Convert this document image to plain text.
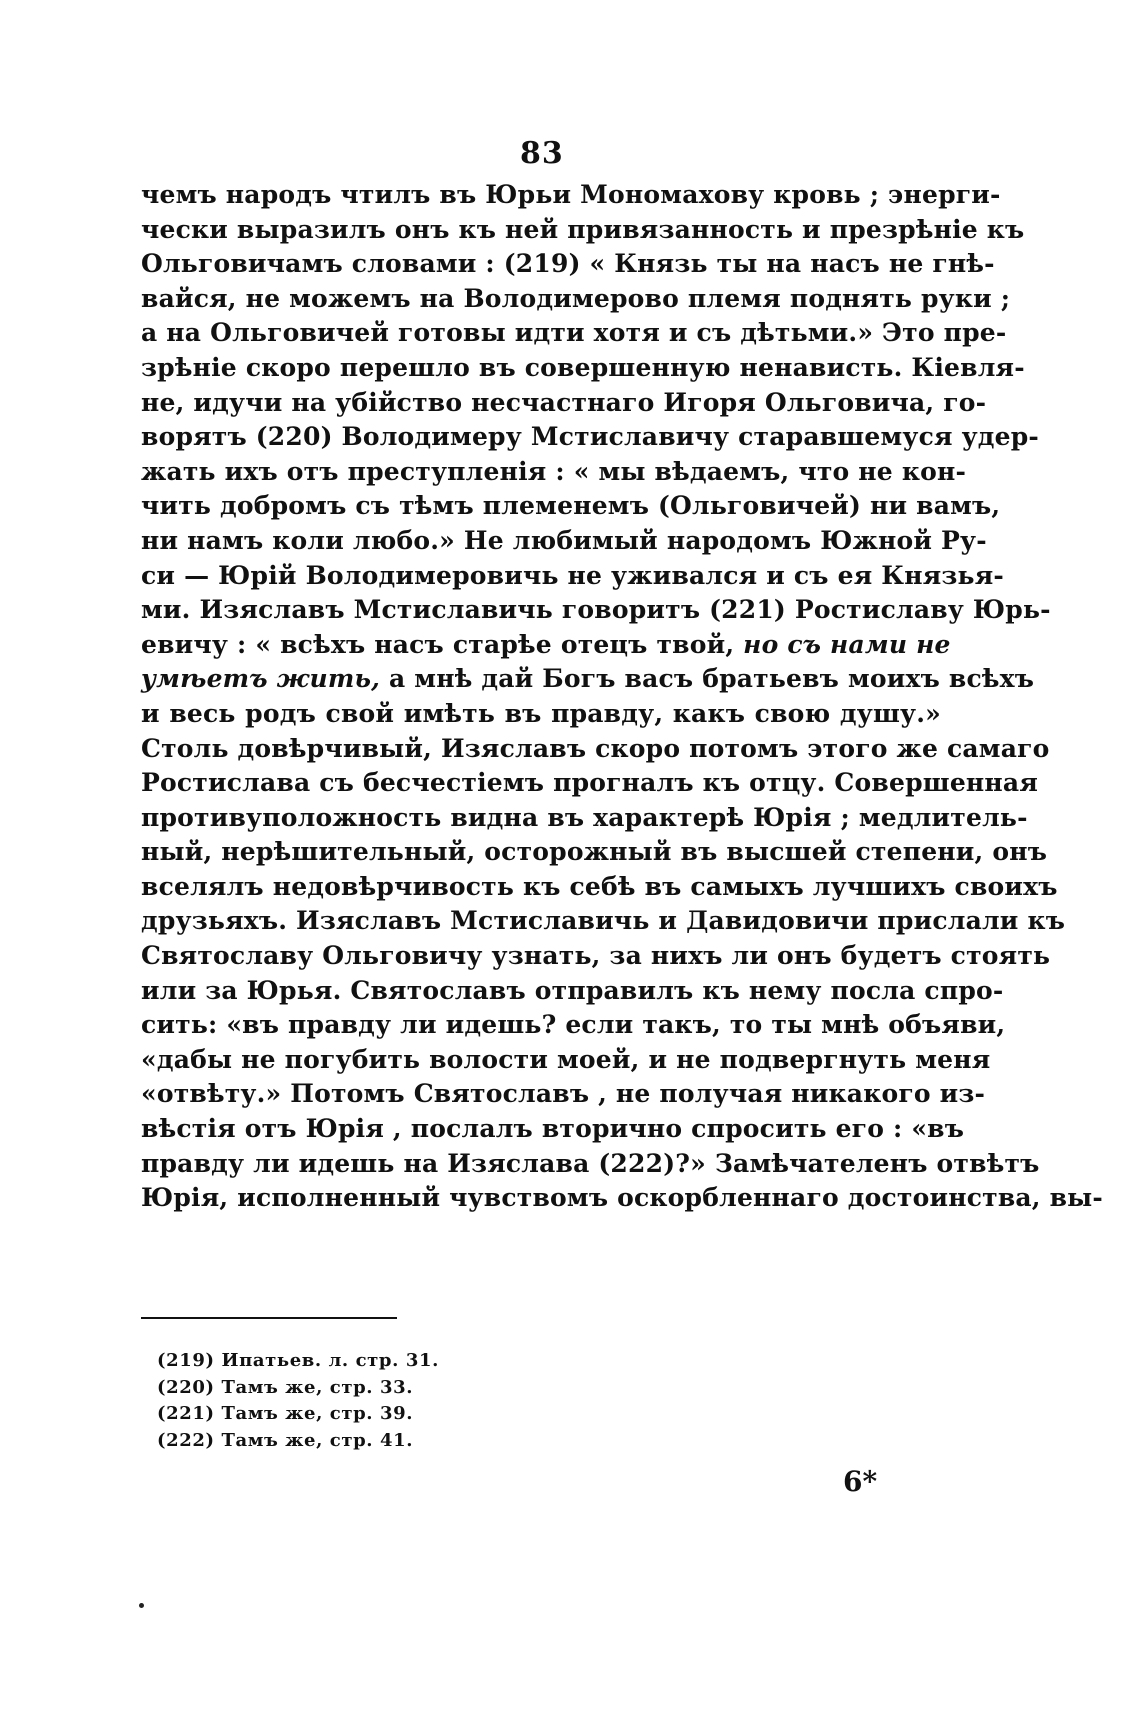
83
чемъ народъ чтилъ въ Юрьи Мономахову кровь ; энерги-
чески выразилъ онъ къ ней привязанность и презрѣніе къ
Ольговичамъ словами : (219) « Князь ты на насъ не гнѣ-
вайся, не можемъ на Володимерово племя поднять руки ;
а на Ольговичей готовы идти хотя и съ дѣтьми.» Это пре-
зрѣніе скоро перешло въ совершенную ненависть. Кіевля-
не, идучи на убійство несчастнаго Игоря Ольговича, го-
ворятъ (220) Володимеру Мстиславичу старавшемуся удер-
жать ихъ отъ преступленія : « мы вѣдаемъ, что не кон-
чить добромъ съ тѣмъ племенемъ (Ольговичей) ни вамъ,
ни намъ коли любо.» Не любимый народомъ Южной Ру-
си — Юрій Володимеровичь не уживался и съ ея Князья-
ми. Изяславъ Мстиславичь говоритъ (221) Ростиславу Юрь-
евичу : « всѣхъ насъ старѣе отецъ твой, но съ нами не
умѣетъ жить, а мнѣ дай Богъ васъ братьевъ моихъ всѣхъ
и весь родъ свой имѣть въ правду, какъ свою душу.»
Столь довѣрчивый, Изяславъ скоро потомъ этого же самаго
Ростислава съ бесчестіемъ прогналъ къ отцу. Совершенная
противуположность видна въ характерѣ Юрія ; медлитель-
ный, нерѣшительный, осторожный въ высшей степени, онъ
вселялъ недовѣрчивость къ себѣ въ самыхъ лучшихъ своихъ
друзьяхъ. Изяславъ Мстиславичь и Давидовичи прислали къ
Святославу Ольговичу узнать, за нихъ ли онъ будетъ стоять
или за Юрья. Святославъ отправилъ къ нему посла спро-
сить: «въ правду ли идешь? если такъ, то ты мнѣ объяви,
«дабы не погубить волости моей, и не подвергнуть меня
«отвѣту.» Потомъ Святославъ , не получая никакого из-
вѣстія отъ Юрія , послалъ вторично спросить его : «въ
правду ли идешь на Изяслава (222)?» Замѣчателенъ отвѣтъ
Юрія, исполненный чувствомъ оскорбленнаго достоинства, вы-
(219) Ипатьев. л. стр. 31.
(220) Тамъ же, стр. 33.
(221) Тамъ же, стр. 39.
(222) Тамъ же, стр. 41.
6*
